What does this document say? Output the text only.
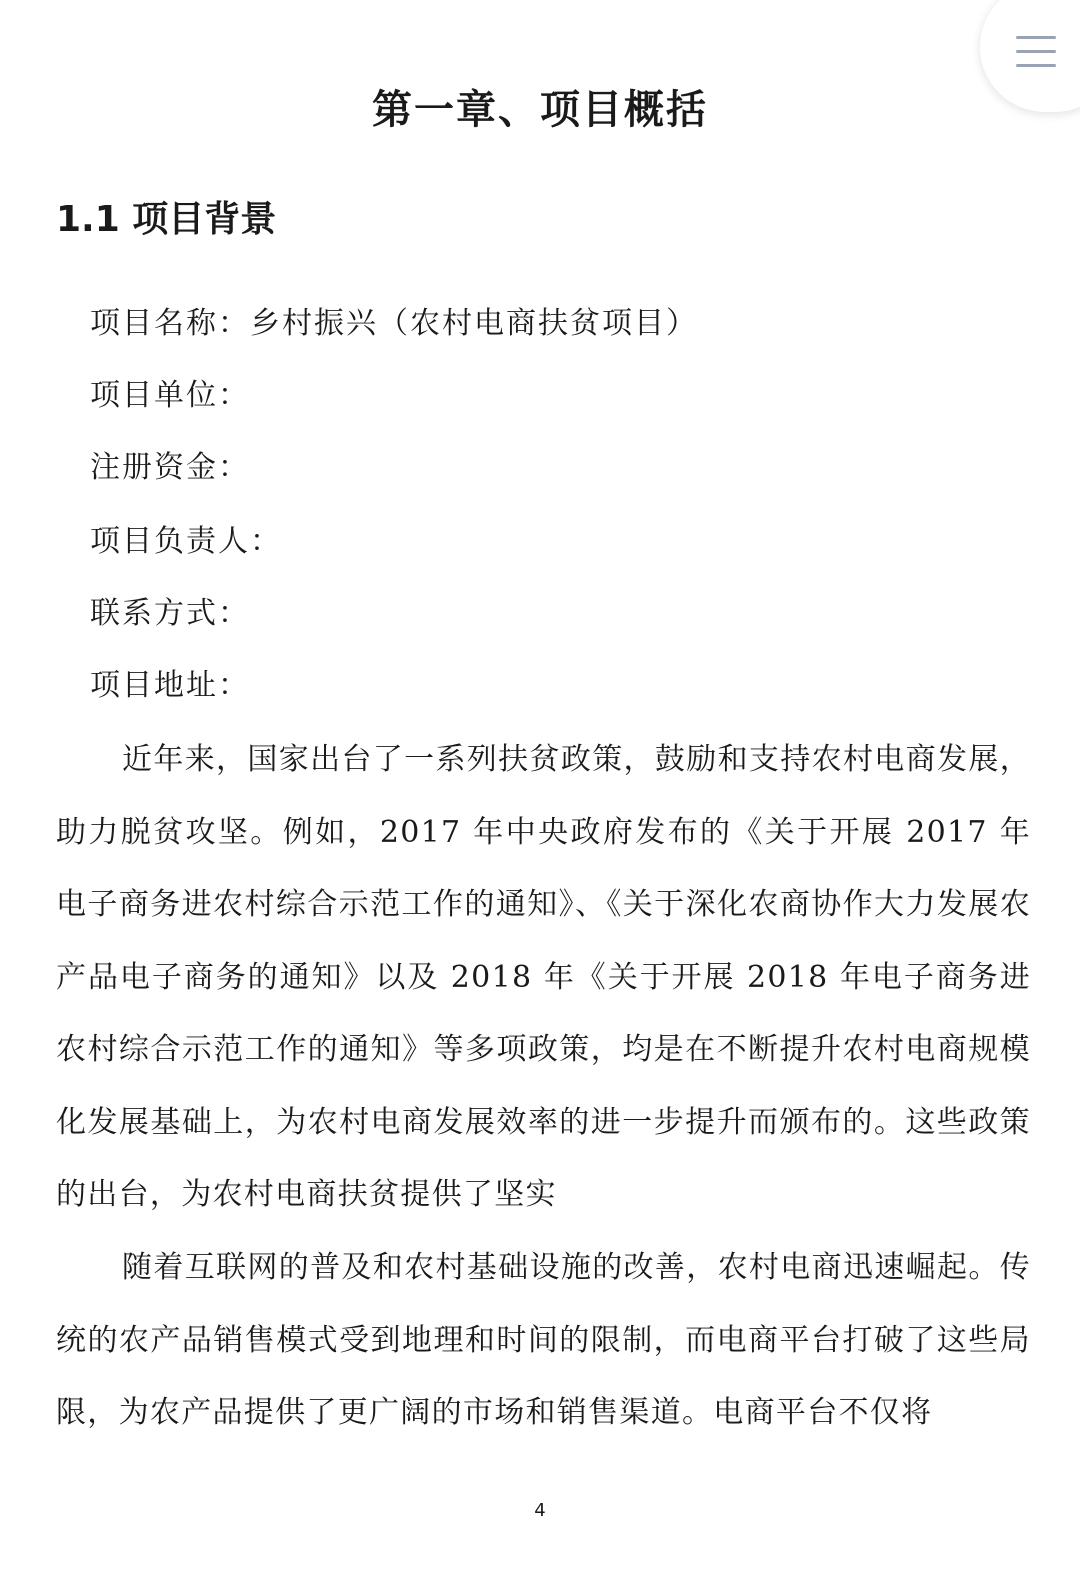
第一章、项目概括
1.1 项目背景
项目名称：乡村振兴（农村电商扶贫项目）
项目单位：
注册资金：
项目负责人：
联系方式：
项目地址：

近年来，国家出台了一系列扶贫政策，鼓励和支持农村电商发展，助力脱贫攻坚。例如，2017 年中央政府发布的《关于开展 2017 年电子商务进农村综合示范工作的通知》、《关于深化农商协作大力发展农产品电子商务的通知》以及 2018 年《关于开展 2018 年电子商务进农村综合示范工作的通知》等多项政策，均是在不断提升农村电商规模化发展基础上，为农村电商发展效率的进一步提升而颁布的。这些政策的出台，为农村电商扶贫提供了坚实

随着互联网的普及和农村基础设施的改善，农村电商迅速崛起。传统的农产品销售模式受到地理和时间的限制，而电商平台打破了这些局限，为农产品提供了更广阔的市场和销售渠道。电商平台不仅将

4
